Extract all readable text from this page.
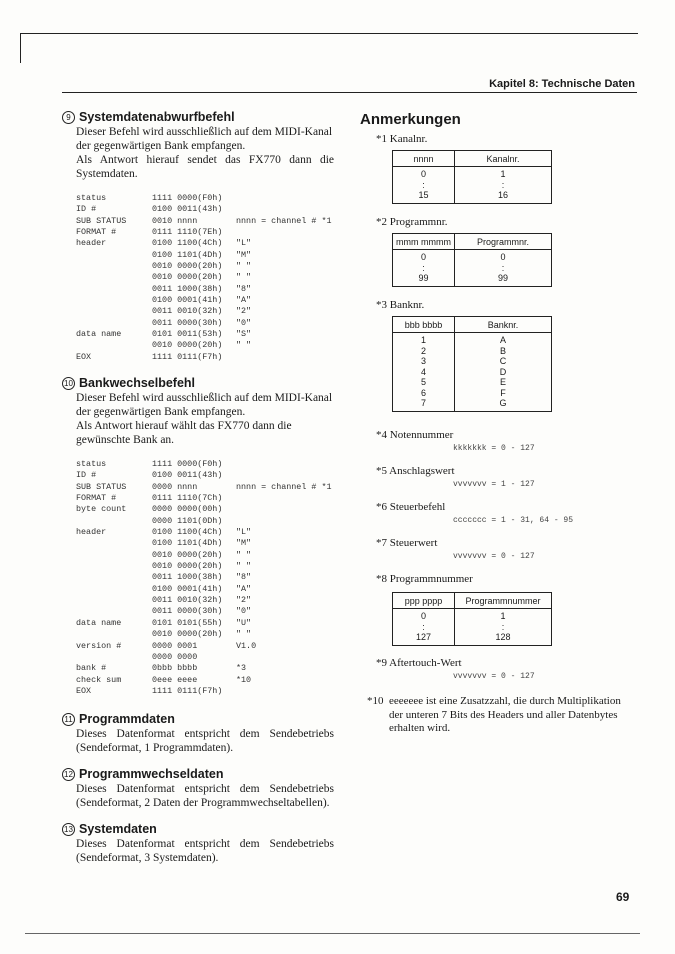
Kapitel 8: Technische Daten
9 Systemdatenabwurfbefehl

Dieser Befehl wird ausschließlich auf dem MIDI-Kanal der gegenwärtigen Bank empfangen.

Als Antwort hierauf sendet das FX770 dann die Systemdaten.

status	1111 0000(F0h)
ID #	0100 0011(43h)
SUB STATUS	0010 nnnn	nnnn = channel # *1
FORMAT #	0111 1110(7Eh)
header	0100 1100(4Ch) "L"
0100 1101(4Dh) "M"
0010 0000(20h) " "
0010 0000(20h) " "
0011 1000(38h) "8"
0100 0001(41h) "A"
0011 0010(32h) "2"
0011 0000(30h) "0"
data name	0101 0011(53h) "S"
0010 0000(20h) " "
EOX	1111 0111(F7h)
10 Bankwechselbefehl

Dieser Befehl wird ausschließlich auf dem MIDI-Kanal der gegenwärtigen Bank empfangen.

Als Antwort hierauf wählt das FX770 dann die gewünschte Bank an.

status	1111 0000(F0h)
ID #	0100 0011(43h)
SUB STATUS	0000 nnnn	nnnn = channel # *1
FORMAT #	0111 1110(7Ch)
byte count	0000 0000(00h)
0000 1101(0Dh)
header	0100 1100(4Ch) "L"
0100 1101(4Dh) "M"
0010 0000(20h) " "
0010 0000(20h) " "
0011 1000(38h) "8"
0100 0001(41h) "A"
0011 0010(32h) "2"
0011 0000(30h) "0"
data name	0101 0101(55h) "U"
0010 0000(20h) " "
version #	0000 0001	V1.0
0000 0000
bank #	0bbb bbbb	*3
check sum	0eee eeee	*10
EOX	1111 0111(F7h)
11 Programmdaten

Dieses Datenformat entspricht dem Sendebetriebs (Sendeformat, 1 Programmdaten).

12 Programmwechseldaten

Dieses Datenformat entspricht dem Sendebetriebs (Sendeformat, 2 Daten der Programmwechseltabellen).

13 Systemdaten

Dieses Datenformat entspricht dem Sendebetriebs (Sendeformat, 3 Systemdaten).

Anmerkungen
*1 Kanalnr.
nnnn	Kanalnr.
0	1
:	:
15	16
*2 Programmnr.
mmm mmmm	Programmnr.
0	0
:	:
99	99
*3 Banknr.
bbb bbbb	Banknr.
1	A
2	B
3	C
4	D
5	E
6	F
7	G
*4 Notennummer
kkkkkkk = 0 - 127
*5 Anschlagswert
vvvvvvv = 1 - 127
*6 Steuerbefehl
ccccccc = 1 - 31, 64 - 95
*7 Steuerwert
vvvvvvv = 0 - 127
*8 Programmnummer
ppp pppp	Programmnummer
0	1
:	:
127	128
*9 Aftertouch-Wert
vvvvvvv = 0 - 127
*10 eeeeeee ist eine Zusatzzahl, die durch Multiplikation der unteren 7 Bits des Headers und aller Datenbytes erhalten wird.
69
